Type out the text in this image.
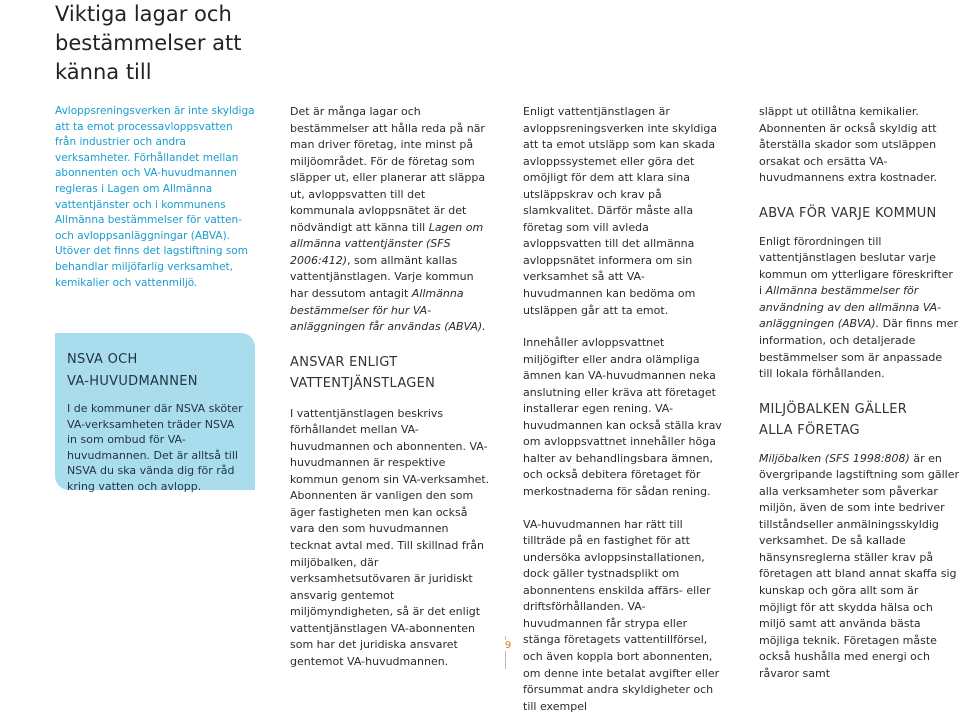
Viktiga lagar och bestämmelser att känna till

Avloppsreningsverken är inte skyldiga att ta emot processavloppsvatten från industrier och andra verksamheter. Förhållandet mellan abonnenten och VA-huvudmannen regleras i Lagen om Allmänna vattentjänster och i kommunens Allmänna bestämmelser för vatten- och avloppsanläggningar (ABVA). Utöver det finns det lagstiftning som behandlar miljöfarlig verksamhet, kemikalier och vattenmiljö.

NSVA OCH

VA-HUVUDMANNEN

I de kommuner där NSVA sköter VA-verksamheten träder NSVA in som ombud för VA-huvudmannen. Det är alltså till NSVA du ska vända dig för råd kring vatten och avlopp.

Det är många lagar och bestämmelser att hålla reda på när man driver företag, inte minst på miljöområdet. För de företag som släpper ut, eller planerar att släppa ut, avloppsvatten till det kommunala avloppsnätet är det nödvändigt att känna till Lagen om allmänna vattentjänster (SFS 2006:412), som allmänt kallas vattentjänstlagen. Varje kommun har dessutom antagit Allmänna bestämmelser för hur VA-anläggningen får användas (ABVA).

ANSVAR ENLIGT

VATTENTJÄNSTLAGEN

I vattentjänstlagen beskrivs förhållandet mellan VA-huvudmannen och abonnenten. VA-huvudmannen är respektive kommun genom sin VA-verksamhet. Abonnenten är vanligen den som äger fastigheten men kan också vara den som huvudmannen tecknat avtal med. Till skillnad från miljöbalken, där verksamhetsutövaren är juridiskt ansvarig gentemot miljömyndigheten, så är det enligt vattentjänstlagen VA-abonnenten som har det juridiska ansvaret gentemot VA-huvudmannen.

Enligt vattentjänstlagen är avloppsreningsverken inte skyldiga att ta emot utsläpp som kan skada avloppssystemet eller göra det omöjligt för dem att klara sina utsläppskrav och krav på slamkvalitet. Därför måste alla företag som vill avleda avloppsvatten till det allmänna avloppsnätet informera om sin verksamhet så att VA-huvudmannen kan bedöma om utsläppen går att ta emot.

Innehåller avloppsvattnet miljögifter eller andra olämpliga ämnen kan VA-huvudmannen neka anslutning eller kräva att företaget installerar egen rening. VA-huvudmannen kan också ställa krav om avloppsvattnet innehåller höga halter av behandlingsbara ämnen, och också debitera företaget för merkostnaderna för sådan rening.

VA-huvudmannen har rätt till tillträde på en fastighet för att undersöka avloppsinstallationen, dock gäller tystnadsplikt om abonnentens enskilda affärs- eller driftsförhållanden. VA-huvudmannen får strypa eller stänga företagets vattentillförsel, och även koppla bort abonnenten, om denne inte betalat avgifter eller försummat andra skyldigheter och till exempel

släppt ut otillåtna kemikalier. Abonnenten är också skyldig att återställa skador som utsläppen orsakat och ersätta VA-huvudmannens extra kostnader.

ABVA FÖR VARJE KOMMUN

Enligt förordningen till vattentjänstlagen beslutar varje kommun om ytterligare föreskrifter i Allmänna bestämmelser för användning av den allmänna VA-anläggningen (ABVA). Där finns mer information, och detaljerade bestämmelser som är anpassade till lokala förhållanden.

MILJÖBALKEN GÄLLER

ALLA FÖRETAG

Miljöbalken (SFS 1998:808) är en övergripande lagstiftning som gäller alla verksamheter som påverkar miljön, även de som inte bedriver tillståndseller anmälningsskyldig verksamhet. De så kallade hänsynsreglerna ställer krav på företagen att bland annat skaffa sig kunskap och göra allt som är möjligt för att skydda hälsa och miljö samt att använda bästa möjliga teknik. Företagen måste också hushålla med energi och råvaror samt

9
